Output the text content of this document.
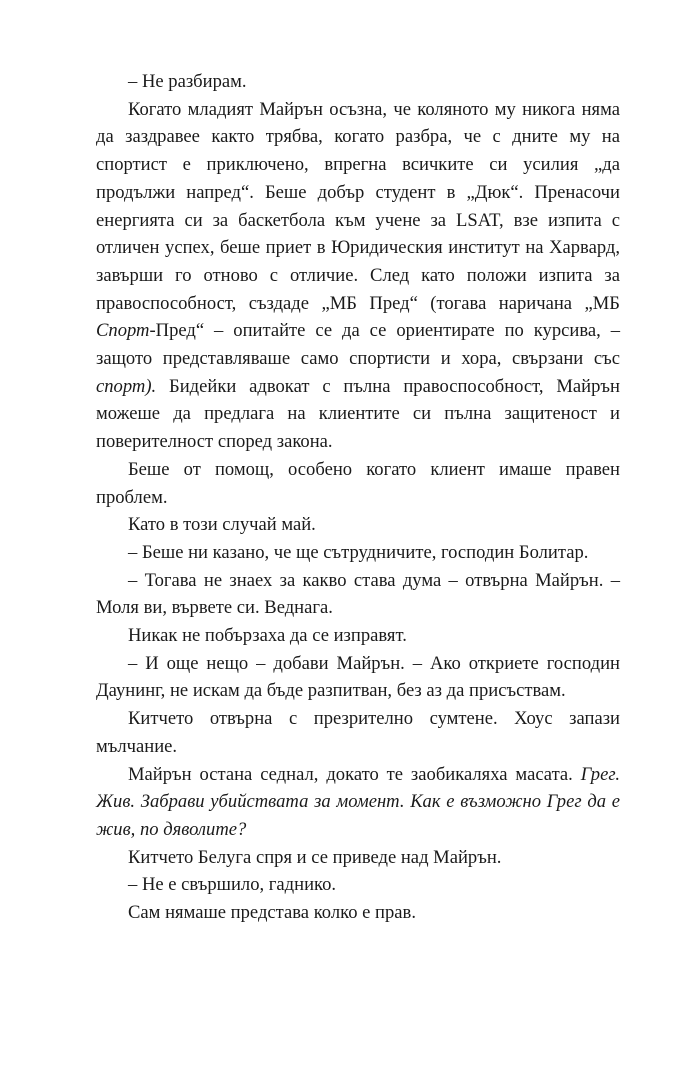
– Не разбирам.

Когато младият Майрън осъзна, че коляното му никога няма да заздравее както трябва, когато разбра, че с дните му на спортист е приключено, впрегна всичките си усилия „да продължи напред“. Беше добър студент в „Дюк“. Пренасочи енергията си за баскетбола към учене за LSAT, взе изпита с отличен успех, беше приет в Юридическия институт на Харвард, завърши го отново с отличие. След като положи изпита за правоспособност, създаде „МБ Пред“ (тогава наричана „МБ Спорт-Пред“ – опитайте се да се ориентирате по курсива, – защото представляваше само спортисти и хора, свързани със спорт). Бидейки адвокат с пълна правоспособност, Майрън можеше да предлага на клиентите си пълна защитеност и поверителност според закона.

Беше от помощ, особено когато клиент имаше правен проблем.

Като в този случай май.

– Беше ни казано, че ще сътрудничите, господин Болитар.

– Тогава не знаех за какво става дума – отвърна Майрън. – Моля ви, вървете си. Веднага.

Никак не побързаха да се изправят.

– И още нещо – добави Майрън. – Ако откриете господин Даунинг, не искам да бъде разпитван, без аз да присъствам.

Китчето отвърна с презрително сумтене. Хоус запази мълчание.

Майрън остана седнал, докато те заобикаляха масата. Грег. Жив. Забрави убийствата за момент. Как е възможно Грег да е жив, по дяволите?

Китчето Белуга спря и се приведе над Майрън.

– Не е свършило, гаднико.

Сам нямаше представа колко е прав.
